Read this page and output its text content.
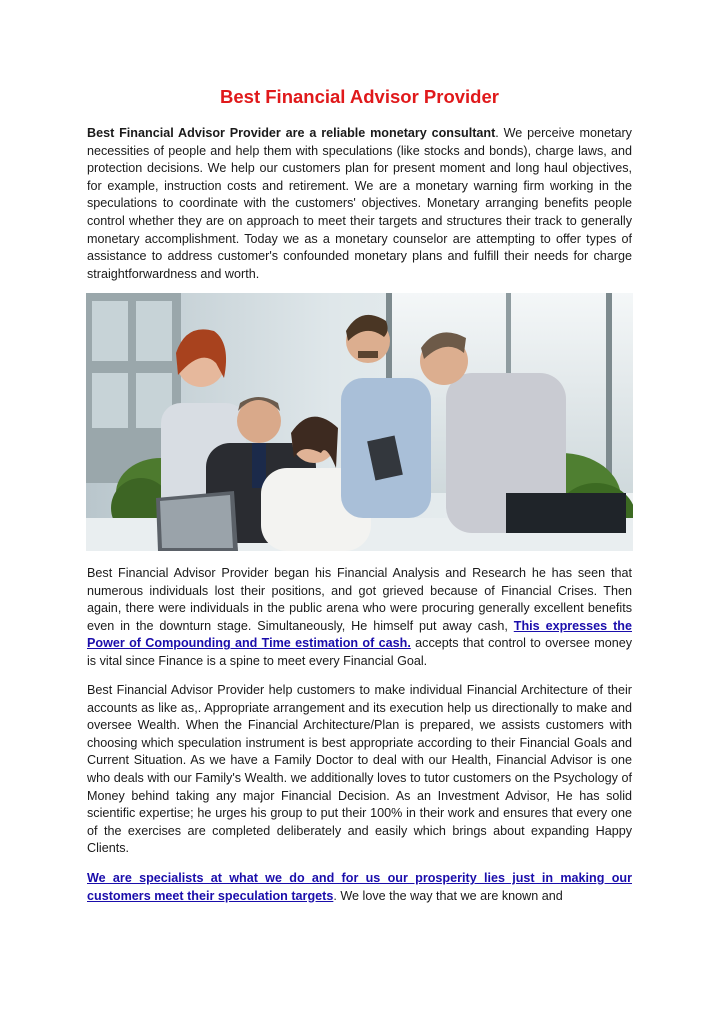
Best Financial Advisor Provider

Best Financial Advisor Provider are a reliable monetary consultant. We perceive monetary necessities of people and help them with speculations (like stocks and bonds), charge laws, and protection decisions. We help our customers plan for present moment and long haul objectives, for example, instruction costs and retirement. We are a monetary warning firm working in the speculations to coordinate with the customers' objectives. Monetary arranging benefits people control whether they are on approach to meet their targets and structures their track to generally monetary accomplishment. Today we as a monetary counselor are attempting to offer types of assistance to address customer's confounded monetary plans and fulfill their needs for charge straightforwardness and worth.

Best Financial Advisor Provider began his Financial Analysis and Research he has seen that numerous individuals lost their positions, and got grieved because of Financial Crises. Then again, there were individuals in the public arena who were procuring generally excellent benefits even in the downturn stage. Simultaneously, He himself put away cash, This expresses the Power of Compounding and Time estimation of cash. accepts that control to oversee money is vital since Finance is a spine to meet every Financial Goal.

Best Financial Advisor Provider help customers to make individual Financial Architecture of their accounts as like as,. Appropriate arrangement and its execution help us directionally to make and oversee Wealth. When the Financial Architecture/Plan is prepared, we assists customers with choosing which speculation instrument is best appropriate according to their Financial Goals and Current Situation. As we have a Family Doctor to deal with our Health, Financial Advisor is one who deals with our Family's Wealth. we additionally loves to tutor customers on the Psychology of Money behind taking any major Financial Decision. As an Investment Advisor, He has solid scientific expertise; he urges his group to put their 100% in their work and ensures that every one of the exercises are completed deliberately and easily which brings about expanding Happy Clients.

We are specialists at what we do and for us our prosperity lies just in making our customers meet their speculation targets. We love the way that we are known and
